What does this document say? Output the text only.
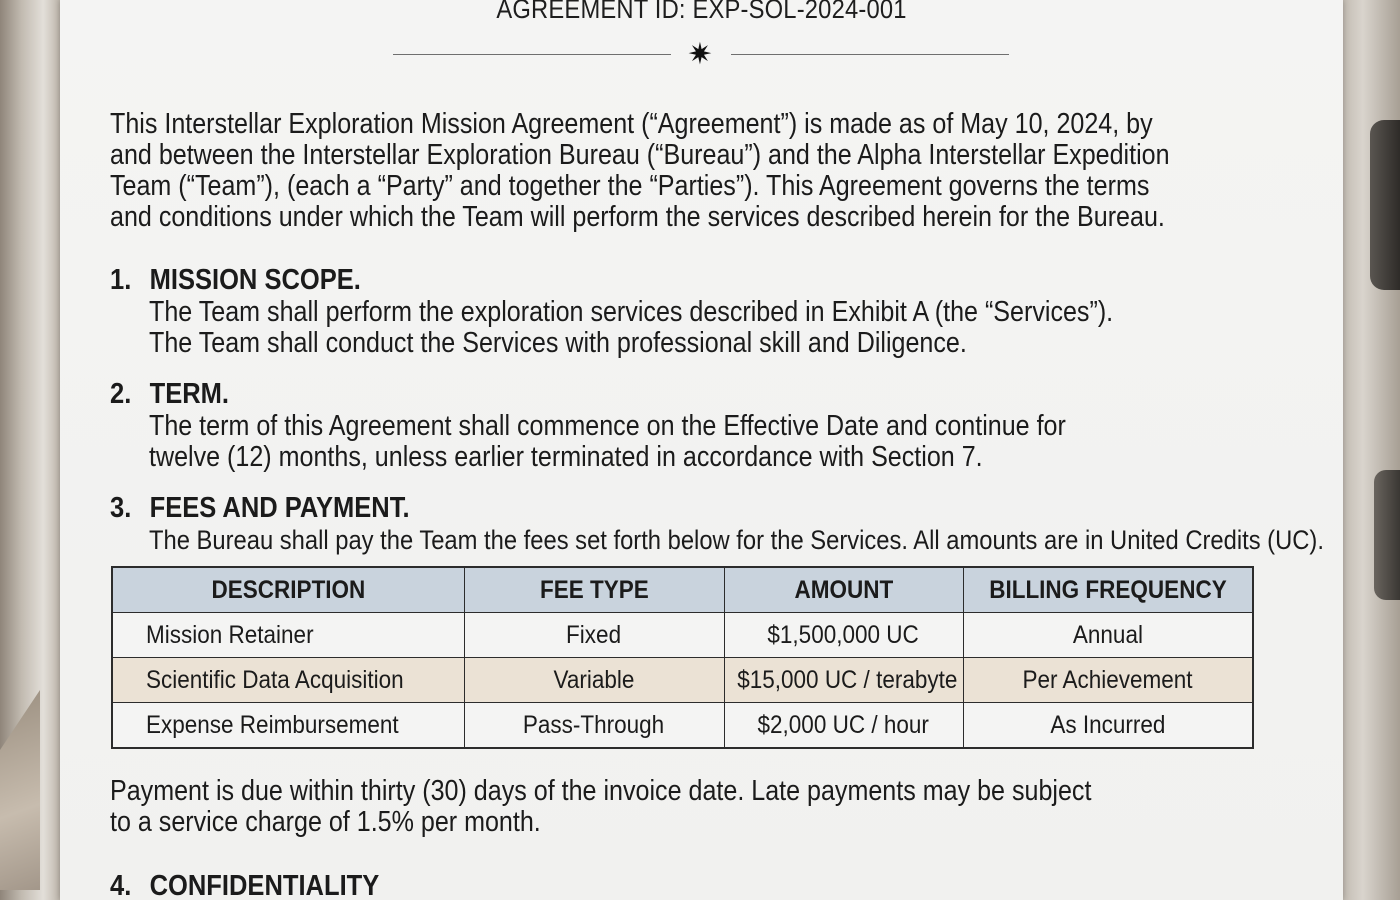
AGREEMENT ID: EXP-SOL-2024-001
✷
This Interstellar Exploration Mission Agreement (“Agreement”) is made as of May 10, 2024, by
and between the Interstellar Exploration Bureau (“Bureau”) and the Alpha Interstellar Expedition
Team (“Team”), (each a “Party” and together the “Parties”). This Agreement governs the terms
and conditions under which the Team will perform the services described herein for the Bureau.
1. MISSION SCOPE.
The Team shall perform the exploration services described in Exhibit A (the “Services”).
The Team shall conduct the Services with professional skill and Diligence.
2. TERM.
The term of this Agreement shall commence on the Effective Date and continue for
twelve (12) months, unless earlier terminated in accordance with Section 7.
3. FEES AND PAYMENT.
The Bureau shall pay the Team the fees set forth below for the Services. All amounts are in United Credits (UC).
DESCRIPTION	FEE TYPE	AMOUNT	BILLING FREQUENCY
Mission Retainer	Fixed	$1,500,000 UC	Annual
Scientific Data Acquisition	Variable	$15,000 UC / terabyte	Per Achievement
Expense Reimbursement	Pass-Through	$2,000 UC / hour	As Incurred
Payment is due within thirty (30) days of the invoice date. Late payments may be subject
to a service charge of 1.5% per month.
4. CONFIDENTIALITY
